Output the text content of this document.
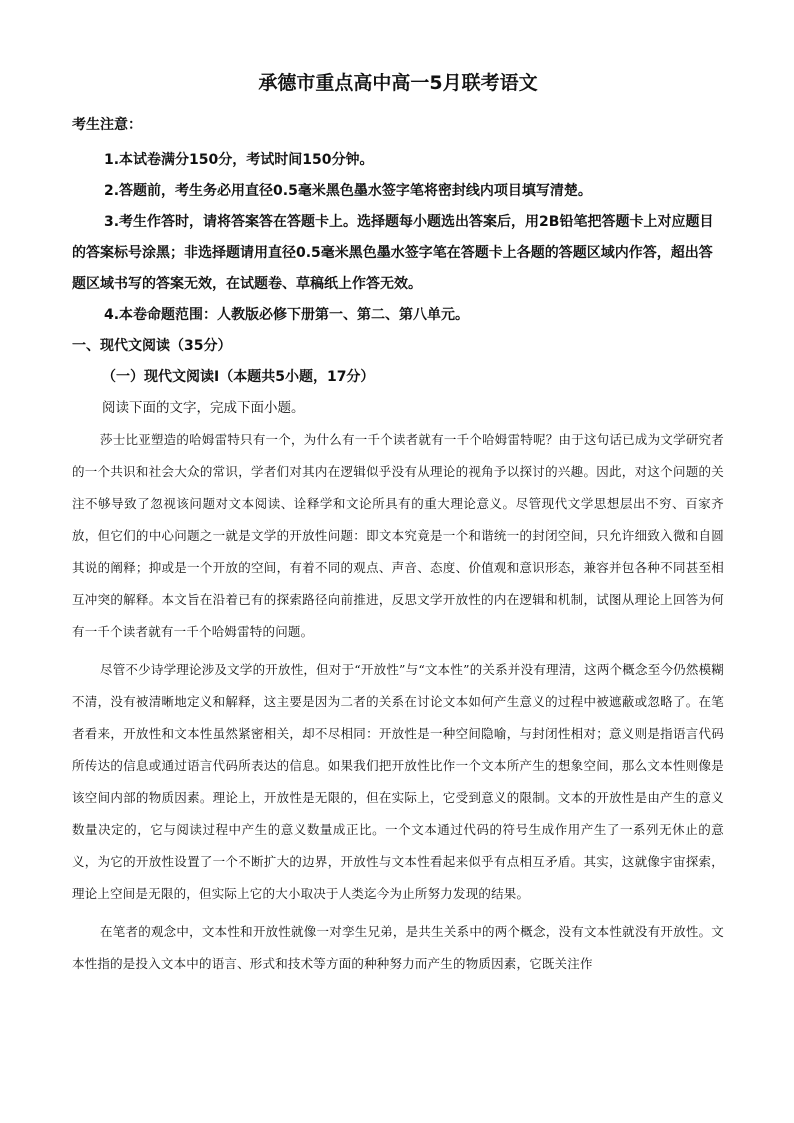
承德市重点高中高一5月联考语文

考生注意：

1.本试卷满分150分，考试时间150分钟。

2.答题前，考生务必用直径0.5毫米黑色墨水签字笔将密封线内项目填写清楚。

3.考生作答时，请将答案答在答题卡上。选择题每小题选出答案后，用2B铅笔把答题卡上对应题目的答案标号涂黑；非选择题请用直径0.5毫米黑色墨水签字笔在答题卡上各题的答题区域内作答，超出答题区域书写的答案无效，在试题卷、草稿纸上作答无效。

4.本卷命题范围：人教版必修下册第一、第二、第八单元。

一、现代文阅读（35分）

（一）现代文阅读Ⅰ（本题共5小题，17分）

阅读下面的文字，完成下面小题。

莎士比亚塑造的哈姆雷特只有一个，为什么有一千个读者就有一千个哈姆雷特呢？由于这句话已成为文学研究者的一个共识和社会大众的常识，学者们对其内在逻辑似乎没有从理论的视角予以探讨的兴趣。因此，对这个问题的关注不够导致了忽视该问题对文本阅读、诠释学和文论所具有的重大理论意义。尽管现代文学思想层出不穷、百家齐放，但它们的中心问题之一就是文学的开放性问题：即文本究竟是一个和谐统一的封闭空间，只允许细致入微和自圆其说的阐释；抑或是一个开放的空间，有着不同的观点、声音、态度、价值观和意识形态，兼容并包各种不同甚至相互冲突的解释。本文旨在沿着已有的探索路径向前推进，反思文学开放性的内在逻辑和机制，试图从理论上回答为何有一千个读者就有一千个哈姆雷特的问题。

尽管不少诗学理论涉及文学的开放性，但对于“开放性”与“文本性”的关系并没有理清，这两个概念至今仍然模糊不清，没有被清晰地定义和解释，这主要是因为二者的关系在讨论文本如何产生意义的过程中被遮蔽或忽略了。在笔者看来，开放性和文本性虽然紧密相关，却不尽相同：开放性是一种空间隐喻，与封闭性相对；意义则是指语言代码所传达的信息或通过语言代码所表达的信息。如果我们把开放性比作一个文本所产生的想象空间，那么文本性则像是该空间内部的物质因素。理论上，开放性是无限的，但在实际上，它受到意义的限制。文本的开放性是由产生的意义数量决定的，它与阅读过程中产生的意义数量成正比。一个文本通过代码的符号生成作用产生了一系列无休止的意义，为它的开放性设置了一个不断扩大的边界，开放性与文本性看起来似乎有点相互矛盾。其实，这就像宇宙探索，理论上空间是无限的，但实际上它的大小取决于人类迄今为止所努力发现的结果。

在笔者的观念中，文本性和开放性就像一对孪生兄弟，是共生关系中的两个概念，没有文本性就没有开放性。文本性指的是投入文本中的语言、形式和技术等方面的种种努力而产生的物质因素，它既关注作
